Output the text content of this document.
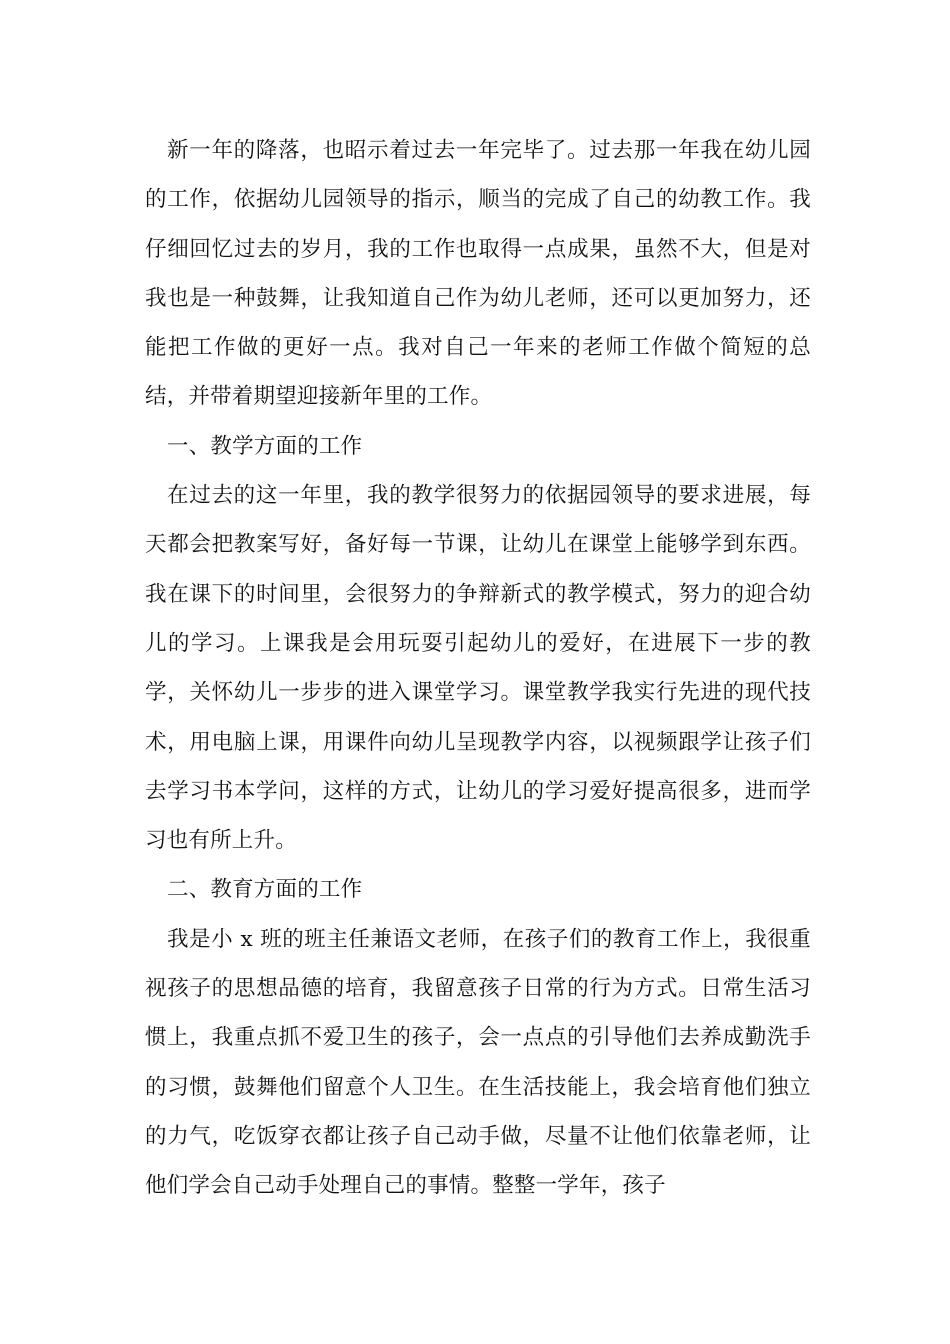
新一年的降落，也昭示着过去一年完毕了。过去那一年我在幼儿园的工作，依据幼儿园领导的指示，顺当的完成了自己的幼教工作。我仔细回忆过去的岁月，我的工作也取得一点成果，虽然不大，但是对我也是一种鼓舞，让我知道自己作为幼儿老师，还可以更加努力，还能把工作做的更好一点。我对自己一年来的老师工作做个简短的总结，并带着期望迎接新年里的工作。

一、教学方面的工作

在过去的这一年里，我的教学很努力的依据园领导的要求进展，每天都会把教案写好，备好每一节课，让幼儿在课堂上能够学到东西。我在课下的时间里，会很努力的争辩新式的教学模式，努力的迎合幼儿的学习。上课我是会用玩耍引起幼儿的爱好，在进展下一步的教学，关怀幼儿一步步的进入课堂学习。课堂教学我实行先进的现代技术，用电脑上课，用课件向幼儿呈现教学内容，以视频跟学让孩子们去学习书本学问，这样的方式，让幼儿的学习爱好提高很多，进而学习也有所上升。

二、教育方面的工作

我是小 x 班的班主任兼语文老师，在孩子们的教育工作上，我很重视孩子的思想品德的培育，我留意孩子日常的行为方式。日常生活习惯上，我重点抓不爱卫生的孩子，会一点点的引导他们去养成勤洗手的习惯，鼓舞他们留意个人卫生。在生活技能上，我会培育他们独立的力气，吃饭穿衣都让孩子自己动手做，尽量不让他们依靠老师，让他们学会自己动手处理自己的事情。整整一学年，孩子
